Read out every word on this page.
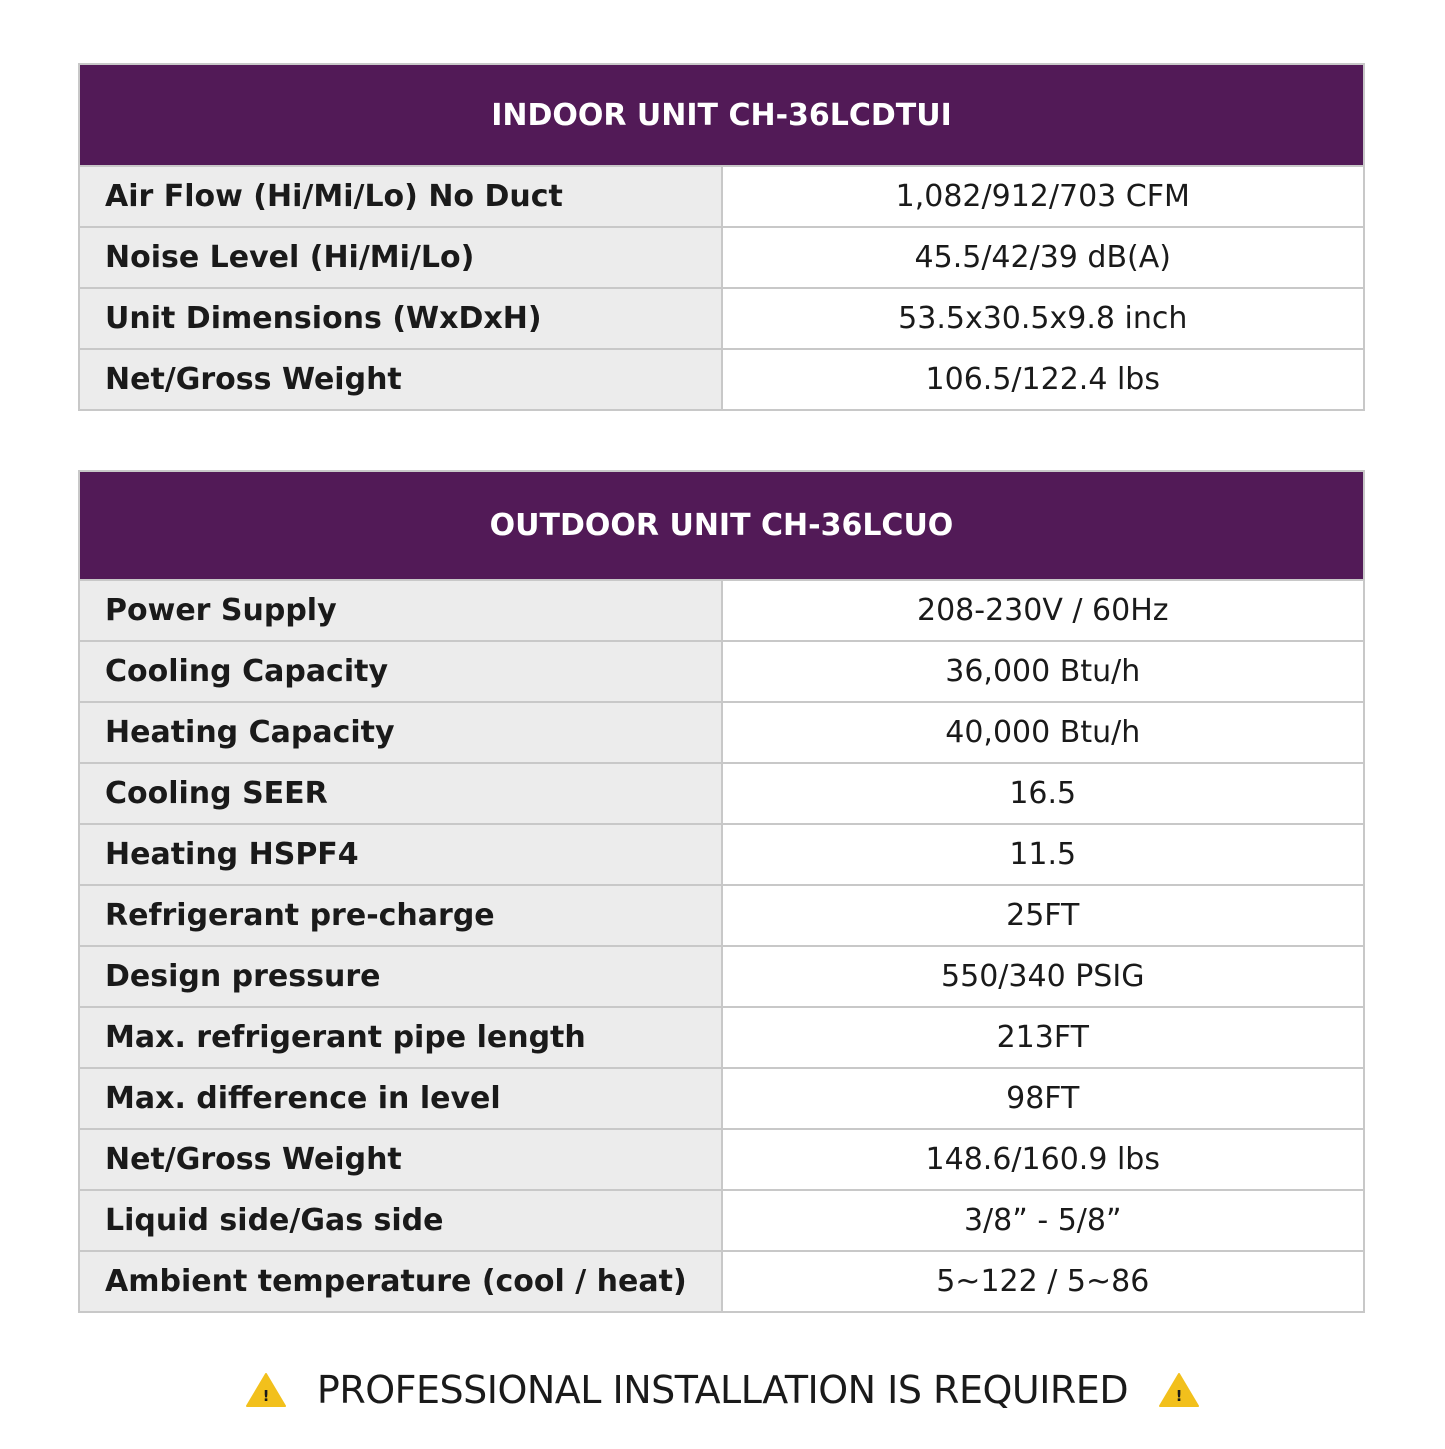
INDOOR UNIT CH-36LCDTUI	
Air Flow (Hi/Mi/Lo) No Duct	1,082/912/703 CFM
Noise Level (Hi/Mi/Lo)	45.5/42/39 dB(A)
Unit Dimensions (WxDxH)	53.5x30.5x9.8 inch
Net/Gross Weight	106.5/122.4 lbs
OUTDOOR UNIT CH-36LCUO	
Power Supply	208-230V / 60Hz
Cooling Capacity	36,000 Btu/h
Heating Capacity	40,000 Btu/h
Cooling SEER	16.5
Heating HSPF4	11.5
Refrigerant pre-charge	25FT
Design pressure	550/340 PSIG
Max. refrigerant pipe length	213FT
Max. difference in level	98FT
Net/Gross Weight	148.6/160.9 lbs
Liquid side/Gas side	3/8” - 5/8”
Ambient temperature (cool / heat)	5~122 / 5~86
! PROFESSIONAL INSTALLATION IS REQUIRED	!
